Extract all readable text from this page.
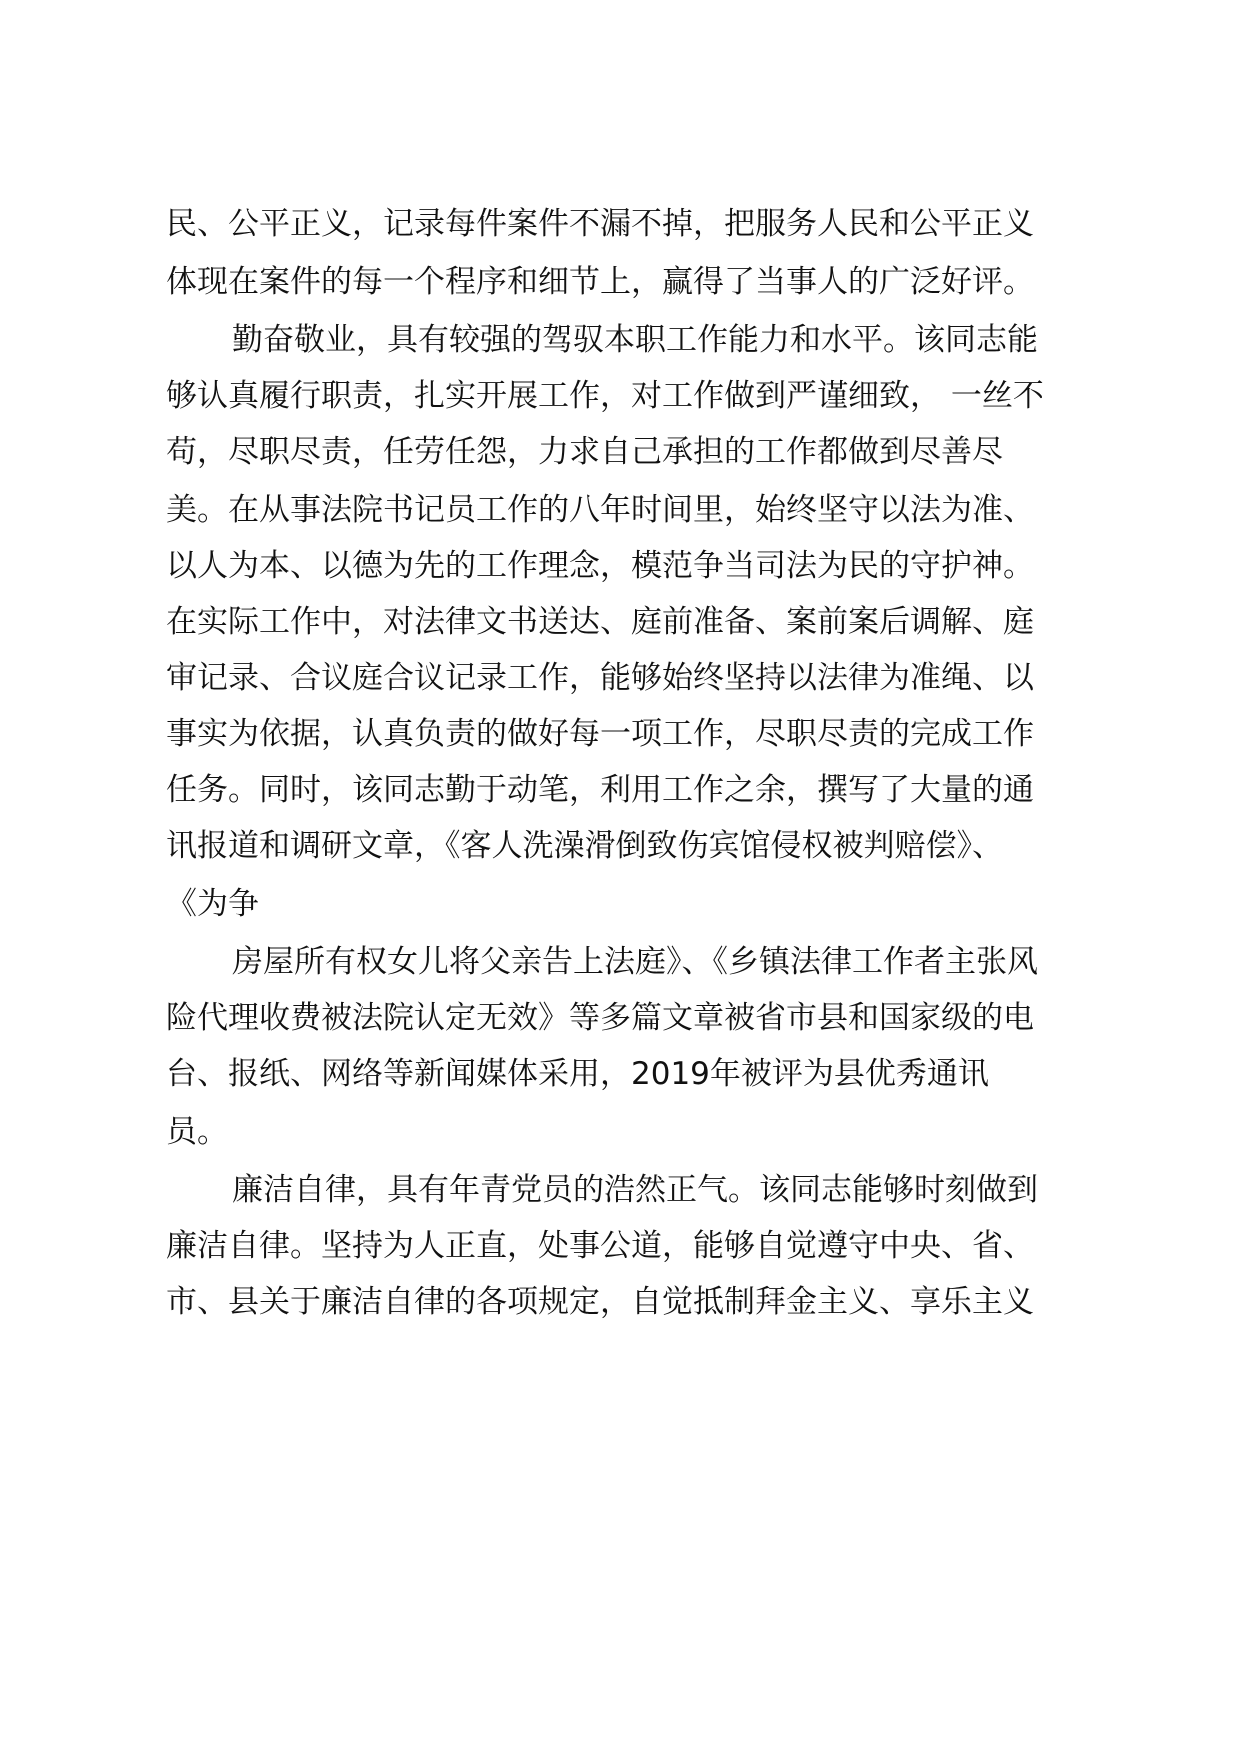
民、公平正义，记录每件案件不漏不掉，把服务人民和公平正义
体现在案件的每一个程序和细节上，赢得了当事人的广泛好评。
勤奋敬业，具有较强的驾驭本职工作能力和水平。该同志能
够认真履行职责，扎实开展工作，对工作做到严谨细致， 一丝不
苟，尽职尽责，任劳任怨，力求自己承担的工作都做到尽善尽
美。在从事法院书记员工作的八年时间里，始终坚守以法为准、
以人为本、以德为先的工作理念，模范争当司法为民的守护神。
在实际工作中，对法律文书送达、庭前准备、案前案后调解、庭
审记录、合议庭合议记录工作，能够始终坚持以法律为准绳、以
事实为依据，认真负责的做好每一项工作，尽职尽责的完成工作
任务。同时，该同志勤于动笔，利用工作之余，撰写了大量的通
讯报道和调研文章，《客人洗澡滑倒致伤宾馆侵权被判赔偿》、
《为争
房屋所有权女儿将父亲告上法庭》、《乡镇法律工作者主张风
险代理收费被法院认定无效》等多篇文章被省市县和国家级的电
台、报纸、网络等新闻媒体采用，2019年被评为县优秀通讯
员。
廉洁自律，具有年青党员的浩然正气。该同志能够时刻做到
廉洁自律。坚持为人正直，处事公道，能够自觉遵守中央、省、
市、县关于廉洁自律的各项规定，自觉抵制拜金主义、享乐主义
